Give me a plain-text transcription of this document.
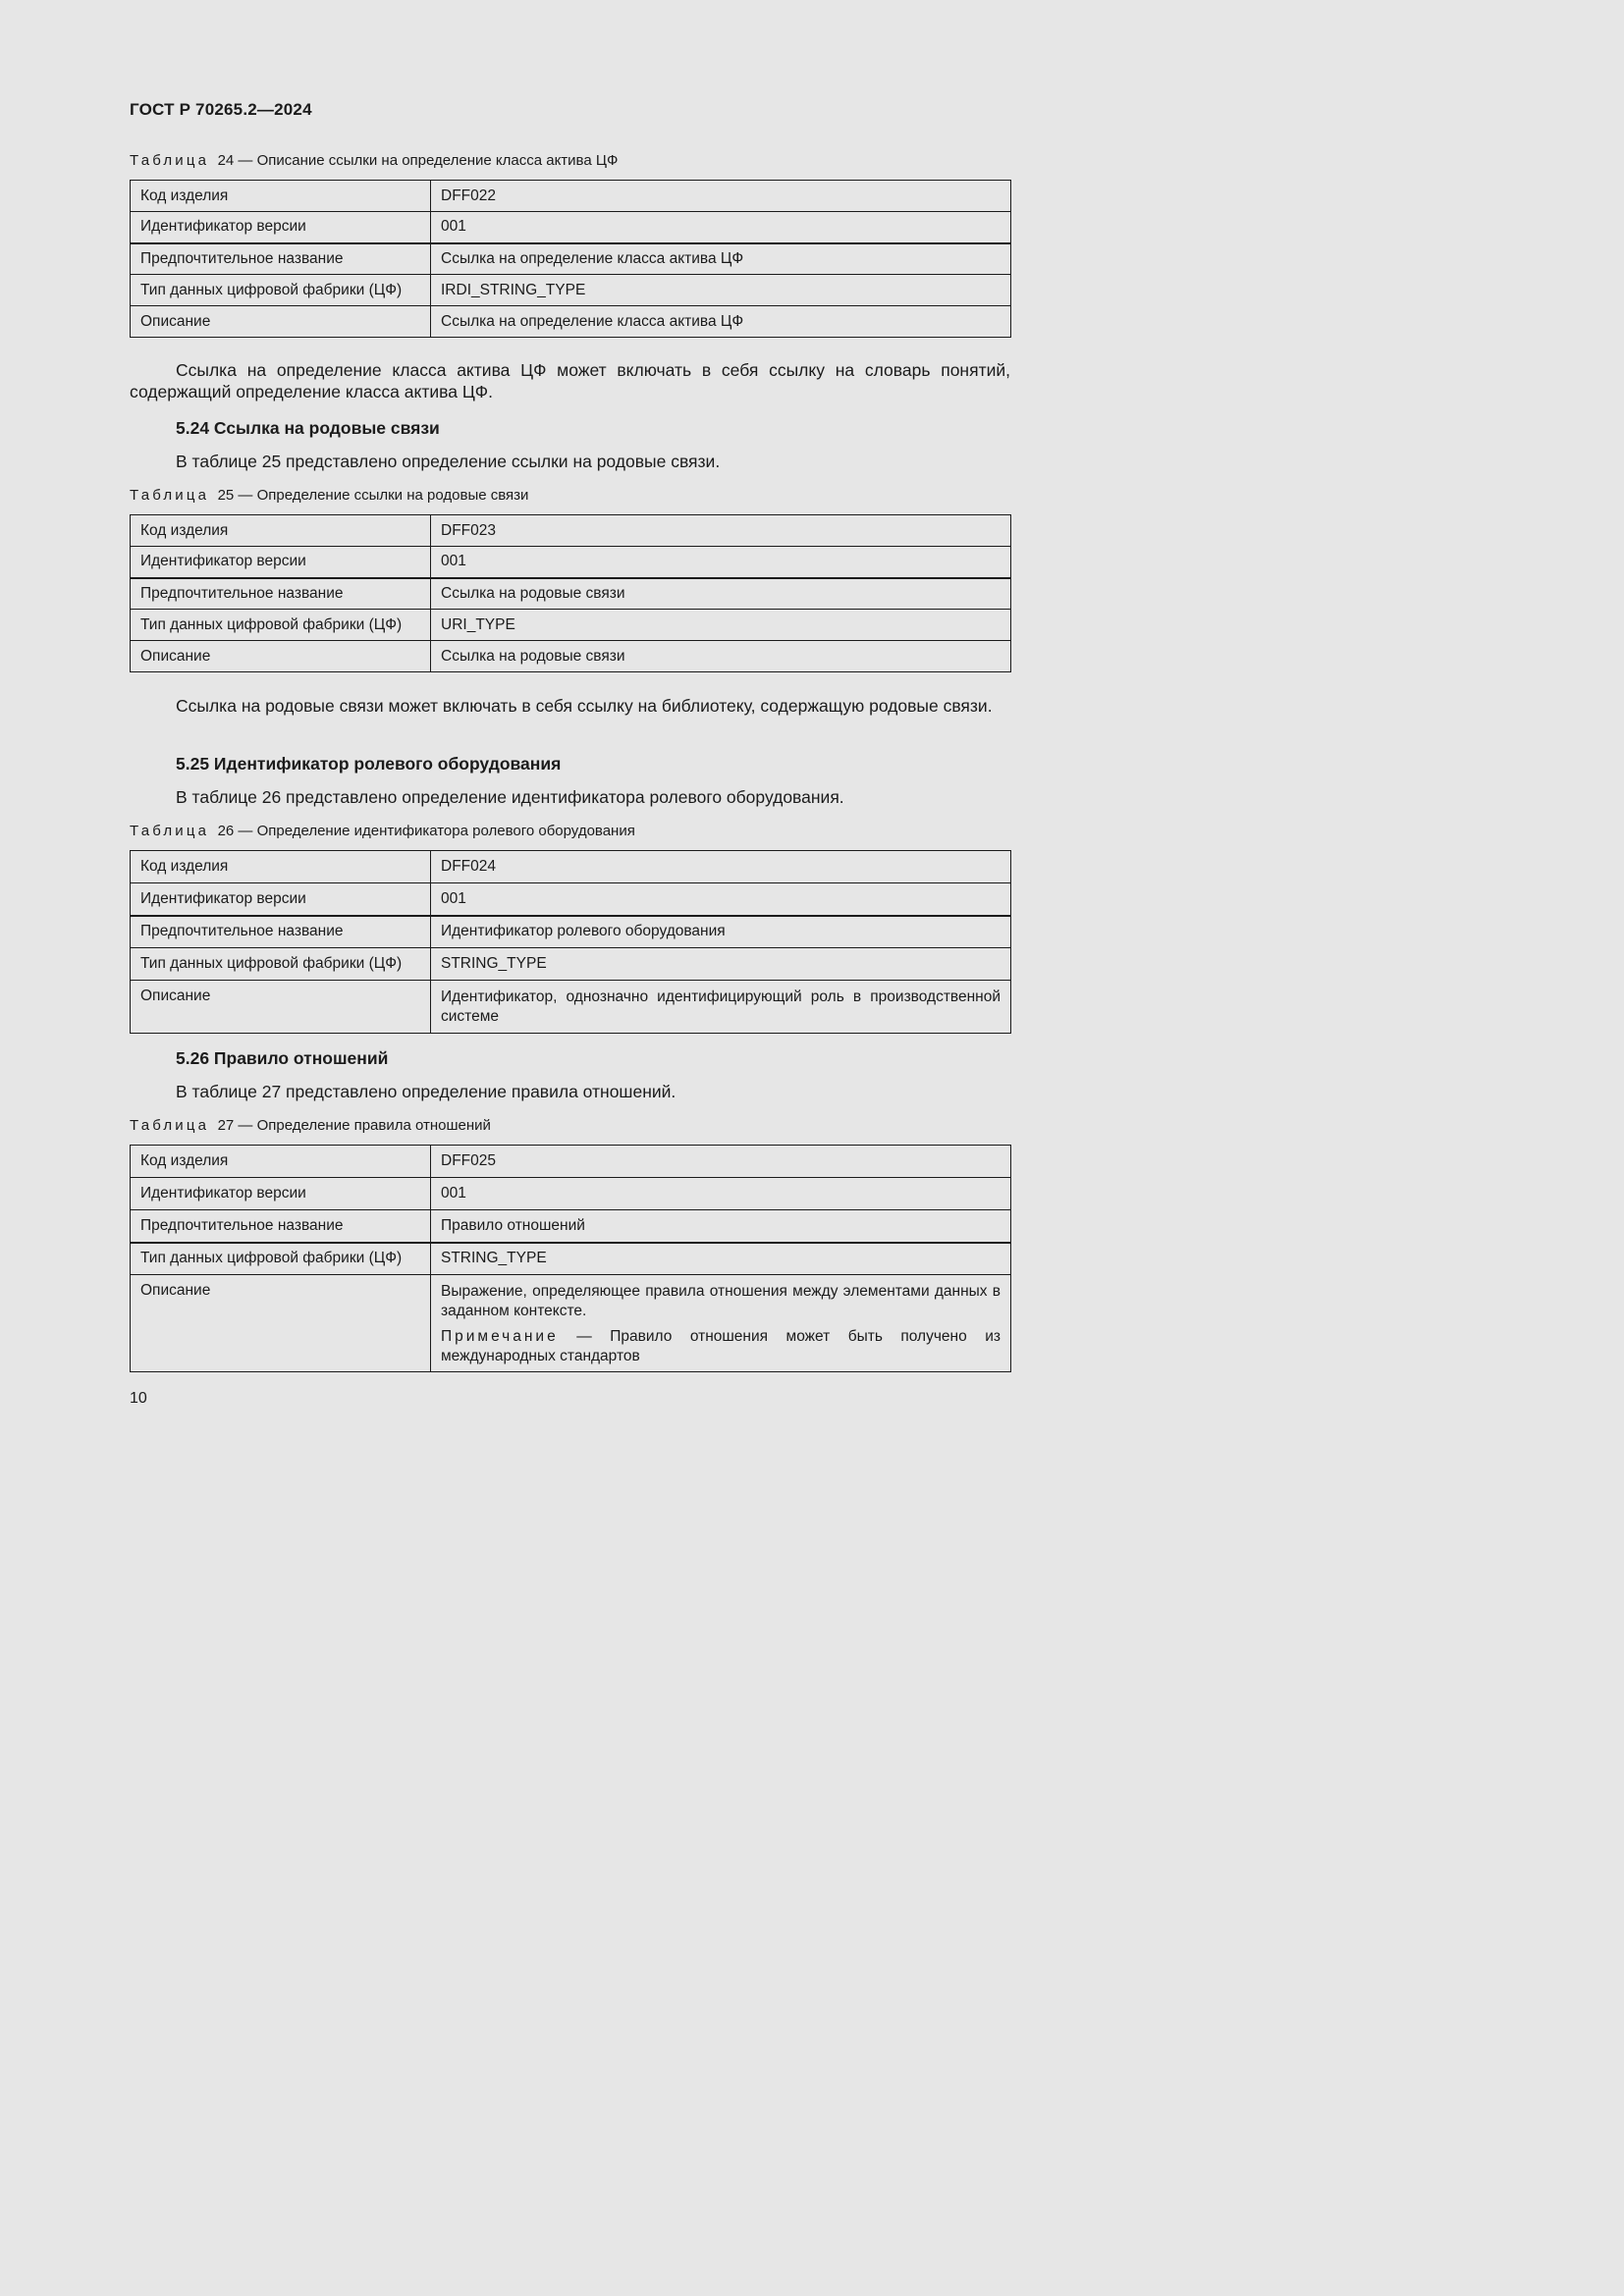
ГОСТ Р 70265.2—2024
Таблица 24 — Описание ссылки на определение класса актива ЦФ
Код изделия	DFF022
Идентификатор версии	001
Предпочтительное название	Ссылка на определение класса актива ЦФ
Тип данных цифровой фабрики (ЦФ)	IRDI_STRING_TYPE
Описание	Ссылка на определение класса актива ЦФ
Ссылка на определение класса актива ЦФ может включать в себя ссылку на словарь понятий, содержащий определение класса актива ЦФ.
5.24 Ссылка на родовые связи
В таблице 25 представлено определение ссылки на родовые связи.
Таблица 25 — Определение ссылки на родовые связи
Код изделия	DFF023
Идентификатор версии	001
Предпочтительное название	Ссылка на родовые связи
Тип данных цифровой фабрики (ЦФ)	URI_TYPE
Описание	Ссылка на родовые связи
Ссылка на родовые связи может включать в себя ссылку на библиотеку, содержащую родовые связи.
5.25 Идентификатор ролевого оборудования
В таблице 26 представлено определение идентификатора ролевого оборудования.
Таблица 26 — Определение идентификатора ролевого оборудования
Код изделия	DFF024
Идентификатор версии	001
Предпочтительное название	Идентификатор ролевого оборудования
Тип данных цифровой фабрики (ЦФ)	STRING_TYPE
Описание	Идентификатор, однозначно идентифицирующий роль в производственной системе
5.26 Правило отношений
В таблице 27 представлено определение правила отношений.
Таблица 27 — Определение правила отношений
Код изделия	DFF025
Идентификатор версии	001
Предпочтительное название	Правило отношений
Тип данных цифровой фабрики (ЦФ)	STRING_TYPE
Описание	Выражение, определяющее правила отношения между элементами данных в заданном контексте.
Примечание — Правило отношения может быть получено из международных стандартов
10
